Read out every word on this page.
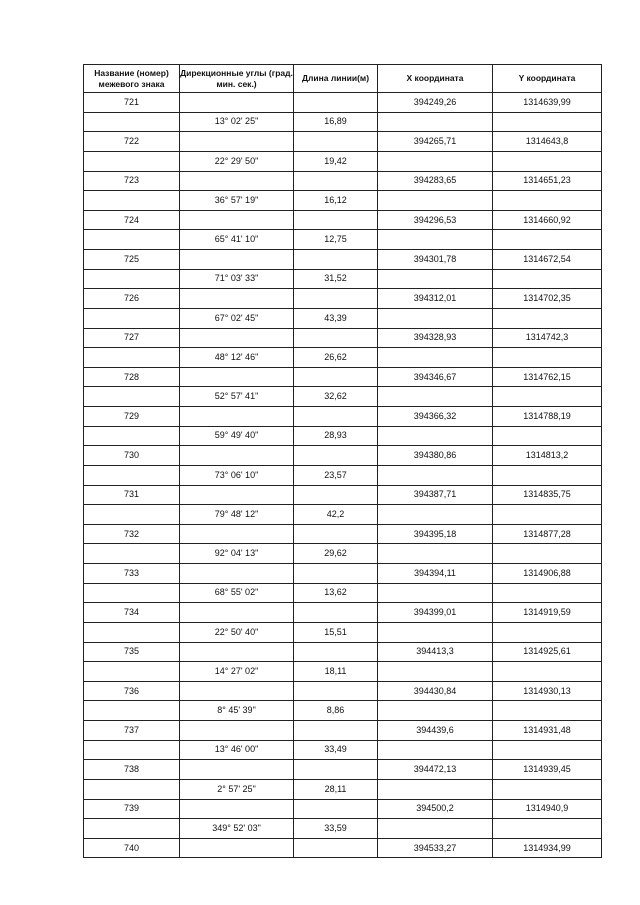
Название (номер) межевого знака	Дирекционные углы (град. мин. сек.)	Длина линии(м)	X координата	Y координата
721			394249,26	1314639,99
	13° 02' 25"	16,89		
722			394265,71	1314643,8
	22° 29' 50"	19,42		
723			394283,65	1314651,23
	36° 57' 19"	16,12		
724			394296,53	1314660,92
	65° 41' 10"	12,75		
725			394301,78	1314672,54
	71° 03' 33"	31,52		
726			394312,01	1314702,35
	67° 02' 45"	43,39		
727			394328,93	1314742,3
	48° 12' 46"	26,62		
728			394346,67	1314762,15
	52° 57' 41"	32,62		
729			394366,32	1314788,19
	59° 49' 40"	28,93		
730			394380,86	1314813,2
	73° 06' 10"	23,57		
731			394387,71	1314835,75
	79° 48' 12"	42,2		
732			394395,18	1314877,28
	92° 04' 13"	29,62		
733			394394,11	1314906,88
	68° 55' 02"	13,62		
734			394399,01	1314919,59
	22° 50' 40"	15,51		
735			394413,3	1314925,61
	14° 27' 02"	18,11		
736			394430,84	1314930,13
	8° 45' 39"	8,86		
737			394439,6	1314931,48
	13° 46' 00"	33,49		
738			394472,13	1314939,45
	2° 57' 25"	28,11		
739			394500,2	1314940,9
	349° 52' 03"	33,59		
740			394533,27	1314934,99
